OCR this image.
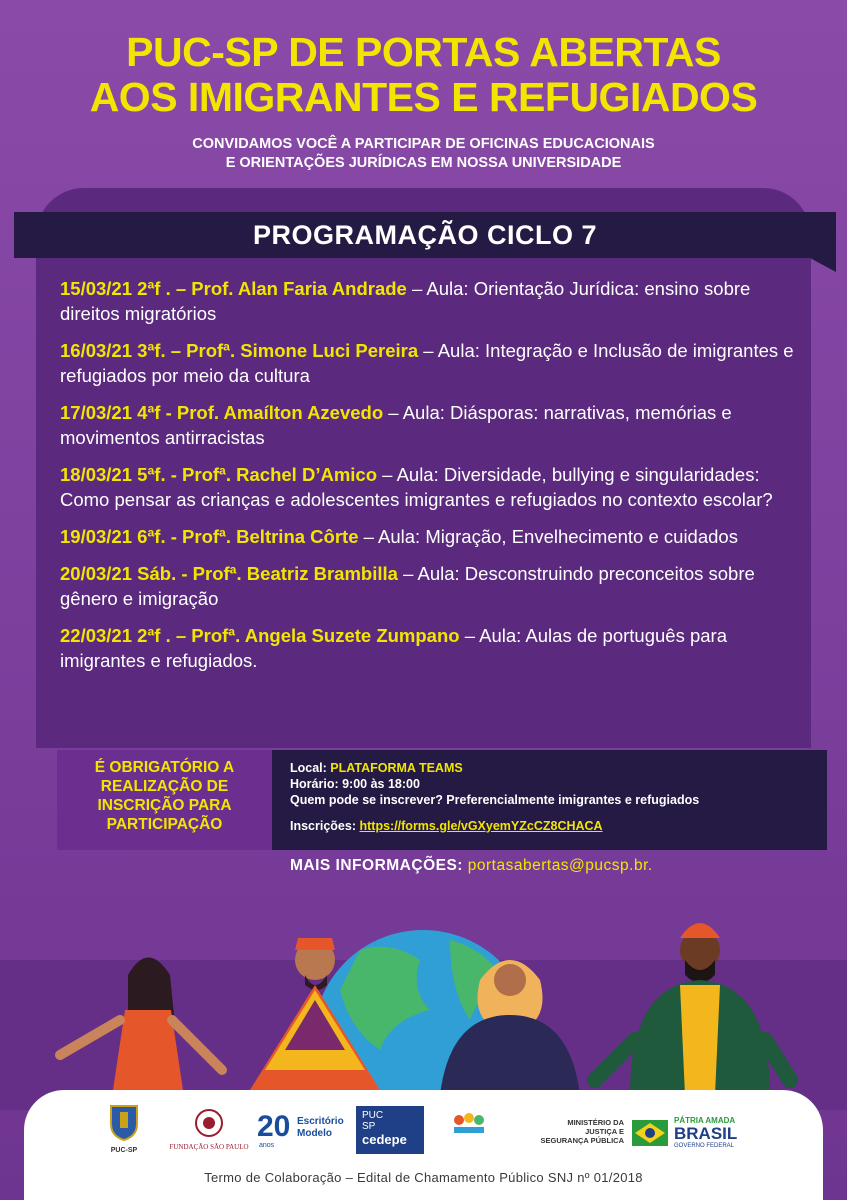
PUC-SP DE PORTAS ABERTAS
AOS IMIGRANTES E REFUGIADOS
CONVIDAMOS VOCÊ A PARTICIPAR DE OFICINAS EDUCACIONAIS
E ORIENTAÇÕES JURÍDICAS EM NOSSA UNIVERSIDADE
PROGRAMAÇÃO CICLO 7
15/03/21 2ªf . – Prof. Alan Faria Andrade – Aula: Orientação Jurídica: ensino sobre direitos migratórios
16/03/21 3ªf. – Profª. Simone Luci Pereira – Aula: Integração e Inclusão de imigrantes e refugiados por meio da cultura
17/03/21 4ªf - Prof. Amaílton Azevedo – Aula: Diásporas: narrativas, memórias e movimentos antirracistas
18/03/21 5ªf. - Profª. Rachel D’Amico – Aula: Diversidade, bullying e singularidades: Como pensar as crianças e adolescentes imigrantes e refugiados no contexto escolar?
19/03/21 6ªf. - Profª. Beltrina Côrte – Aula: Migração, Envelhecimento e cuidados
20/03/21 Sáb. - Profª. Beatriz Brambilla – Aula: Desconstruindo preconceitos sobre gênero e imigração
22/03/21 2ªf . – Profª. Angela Suzete Zumpano – Aula: Aulas de português para imigrantes e refugiados.
É OBRIGATÓRIO A
REALIZAÇÃO DE
INSCRIÇÃO PARA
PARTICIPAÇÃO
Local: PLATAFORMA TEAMS
Horário: 9:00 às 18:00
Quem pode se inscrever? Preferencialmente imigrantes e refugiados
Inscrições: https://forms.gle/vGXyemYZcCZ8CHACA
MAIS INFORMAÇÕES: portasabertas@pucsp.br.
PUC-SP	FUNDAÇÃO SÃO PAULO
20
anos
Escritório
Modelo
PUC
SP
cedepe
MINISTÉRIO DA
JUSTIÇA E
SEGURANÇA PÚBLICA
PÁTRIA AMADA
BRASIL
GOVERNO FEDERAL
Termo de Colaboração – Edital de Chamamento Público SNJ nº 01/2018
